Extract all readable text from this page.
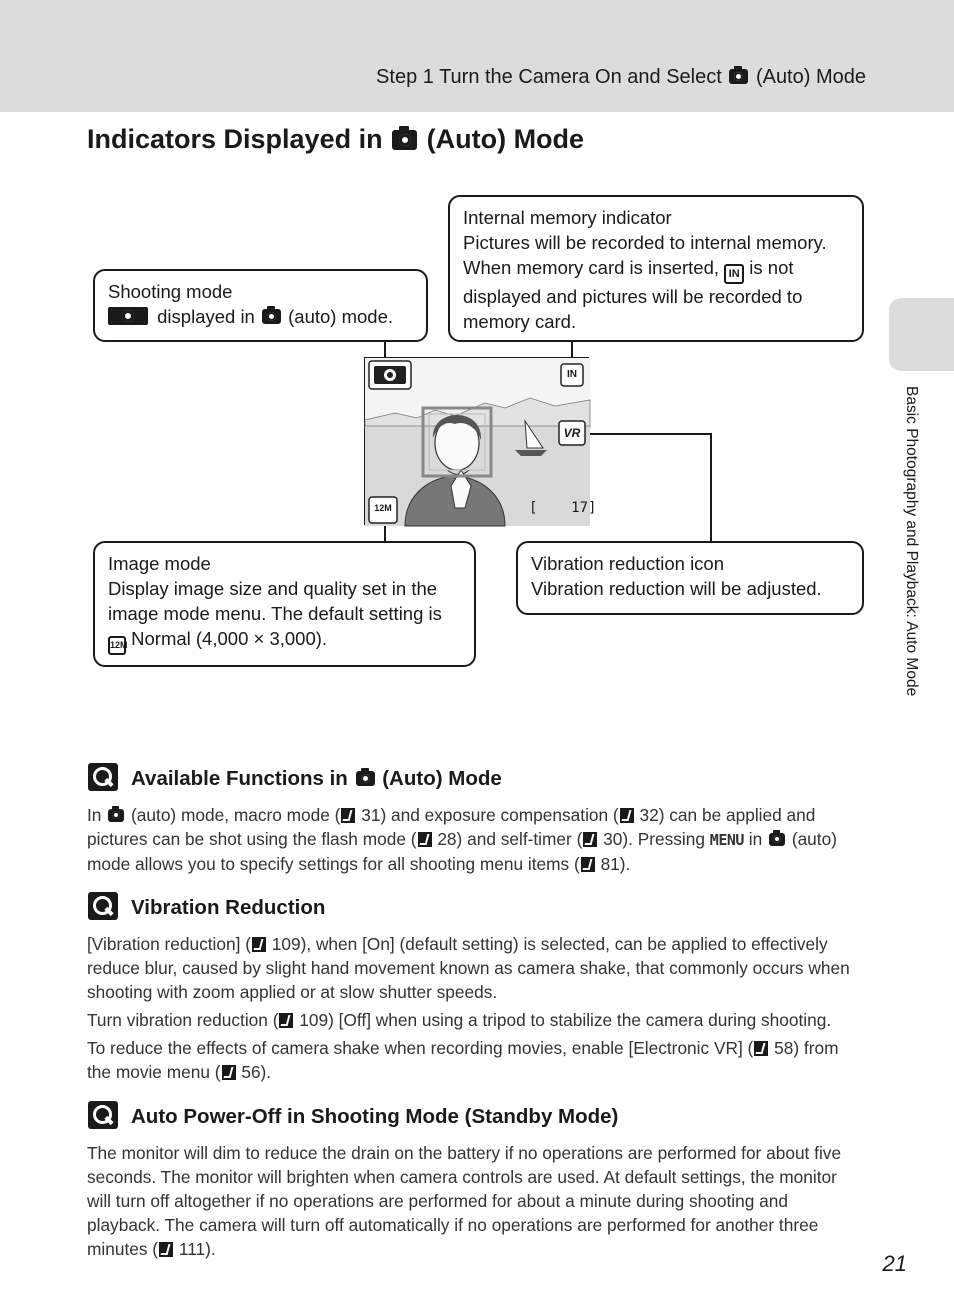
Step 1 Turn the Camera On and Select (Auto) Mode
Indicators Displayed in (Auto) Mode
Internal memory indicator
Pictures will be recorded to internal memory.
When memory card is inserted, IN is not
displayed and pictures will be recorded to
memory card.
Shooting mode
displayed in (auto) mode.
IN
VR
12M	[    17]
Image mode
Display image size and quality set in the
image mode menu. The default setting is
12M Normal (4,000 × 3,000).
Vibration reduction icon
Vibration reduction will be adjusted.
Available Functions in (Auto) Mode
In (auto) mode, macro mode ( 31) and exposure compensation ( 32) can be applied and
pictures can be shot using the flash mode ( 28) and self-timer ( 30). Pressing MENU in (auto)
mode allows you to specify settings for all shooting menu items ( 81).
Vibration Reduction
[Vibration reduction] ( 109), when [On] (default setting) is selected, can be applied to effectively
reduce blur, caused by slight hand movement known as camera shake, that commonly occurs when
shooting with zoom applied or at slow shutter speeds.
Turn vibration reduction ( 109) [Off] when using a tripod to stabilize the camera during shooting.
To reduce the effects of camera shake when recording movies, enable [Electronic VR] ( 58) from
the movie menu ( 56).
Auto Power-Off in Shooting Mode (Standby Mode)
The monitor will dim to reduce the drain on the battery if no operations are performed for about five
seconds. The monitor will brighten when camera controls are used. At default settings, the monitor
will turn off altogether if no operations are performed for about a minute during shooting and
playback. The camera will turn off automatically if no operations are performed for another three
minutes ( 111).
Basic Photography and Playback: Auto Mode
21
